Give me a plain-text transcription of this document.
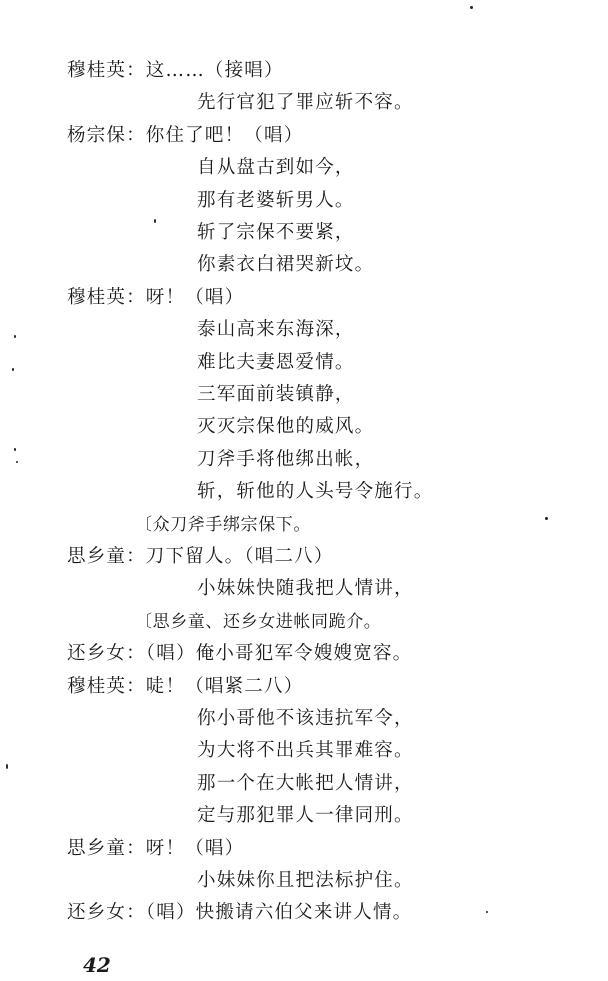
穆桂英：这……（接唱）
先行官犯了罪应斩不容。
杨宗保：你住了吧！（唱）
自从盘古到如今，
那有老婆斩男人。
斩了宗保不要紧，
你素衣白裙哭新坟。
穆桂英：呀！（唱）
泰山高来东海深，
难比夫妻恩爱情。
三军面前装镇静，
灭灭宗保他的威风。
刀斧手将他绑出帐，
斩，斩他的人头号令施行。
〔众刀斧手绑宗保下。
思乡童：刀下留人。（唱二八）
小妹妹快随我把人情讲，
〔思乡童、还乡女进帐同跪介。
还乡女：（唱）俺小哥犯军令嫂嫂宽容。
穆桂英：唗！（唱紧二八）
你小哥他不该违抗军令，
为大将不出兵其罪难容。
那一个在大帐把人情讲，
定与那犯罪人一律同刑。
思乡童：呀！（唱）
小妹妹你且把法标护住。
还乡女：（唱）快搬请六伯父来讲人情。
42
